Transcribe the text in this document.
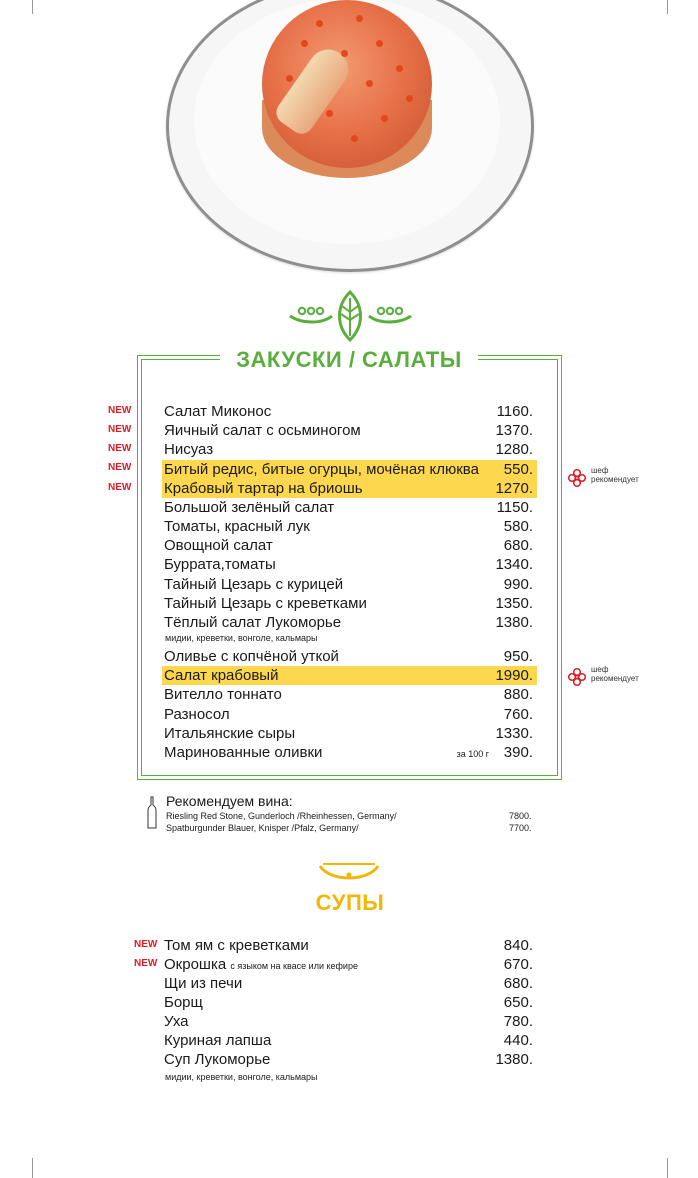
ЗАКУСКИ / САЛАТЫ
Салат Миконос	1160.
Яичный салат с осьминогом	1370.
Нисуаз	1280.
Битый редис, битые огурцы, мочёная клюква 550.
Крабовый тартар на бриошь	1270.
Большой зелёный салат	1150.
Томаты, красный лук	580.
Овощной салат	680.
Буррата,томаты	1340.
Тайный Цезарь с курицей	990.
Тайный Цезарь с креветками	1350.
Тёплый салат Лукоморье	1380.
мидии, креветки, вонголе, кальмары
Оливье с копчёной уткой	950.
Салат крабовый	1990.
Вителло тоннато	880.
Разносол	760.
Итальянские сыры	1330.
Маринованные оливки	за 100 г 390.
NEW
NEW
NEW
NEW
NEW
шеф
рекомендует
шеф
рекомендует
Рекомендуем вина:
Riesling Red Stone, Gunderloch /Rheinhessen, Germany/	7800.
Spatburgunder Blauer, Knisper /Pfalz, Germany/	7700.
СУПЫ
Том ям с креветками	840.
Окрошка с языком на квасе или кефире	670.
Щи из печи	680.
Борщ	650.
Уха	780.
Куриная лапша	440.
Суп Лукоморье	1380.
мидии, креветки, вонголе, кальмары
NEW
NEW
